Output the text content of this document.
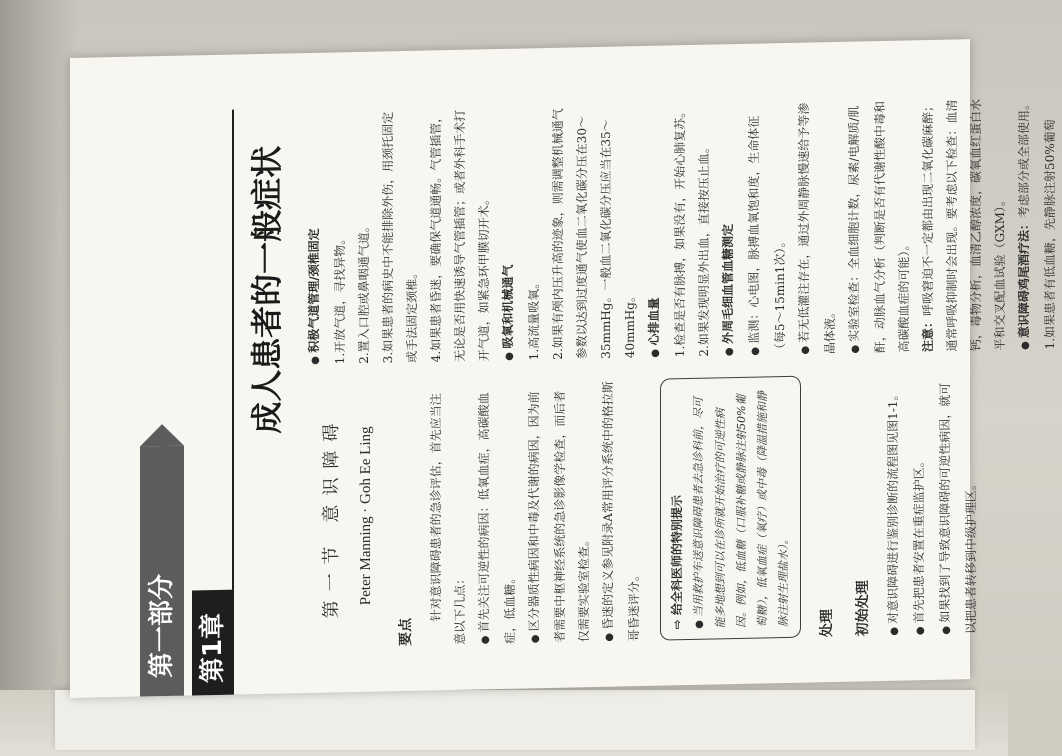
第一部分 第1章
成人患者的一般症状
第一节 意识障碍 Peter Manning · Goh Ee Ling
要点

针对意识障碍患者的急诊评估，首先应当注意以下几点： ● 首先关注可逆性的病因：低氧血症，高碳酸血症，低血糖。 ● 区分器质性病因和中毒及代谢的病因，因为前者需要中枢神经系统的急诊影像学检查，而后者仅需要实验室检查。 ● 昏迷的定义参见附录A常用评分系统中的格拉斯哥昏迷评分。	⇨ 给全科医师的特别提示 ● 当用救护车送意识障碍患者去急诊科前，尽可能多地想到可以在诊所就开始治疗的可逆性病因。例如，低血糖（口服补糖或静脉注射50%葡萄糖），低氧血症（氧疗）或中毒（降温措施和静脉注射生理盐水）。 处理 初始处理	● 对意识障碍进行鉴别诊断的流程图见图1-1。	● 首先把患者安置在重症监护区。	● 如果找到了导致意识障碍的可逆性病因，就可以把患者转移到中级护理区。
● 积极气道管理/颈椎固定	1.开放气道，寻找异物。 2.置入口腔或鼻咽通气道。 3.如果患者的病史中不能排除外伤，用颈托固定或手法固定颈椎。 4.如果患者昏迷，要确保气道通畅。气管插管，无论是否用快速诱导气管插管；或者外科手术打开气道，如紧急环甲膜切开术。 ● 吸氧和机械通气	1.高流量吸氧。 2.如果有颅内压升高的迹象，则需调整机械通气参数以达到过度通气使血二氧化碳分压在30～35mmHg。一般血二氧化碳分压应当在35～40mmHg。 ● 心排血量	1.检查是否有脉搏，如果没有，开始心肺复苏。 2.如果发现明显外出血，直接按压止血。 ● 外周毛细血管血糖测定	● 监测：心电图，脉搏血氧饱和度，生命体征（每5～15min1次）。 ● 若无低灌注存在，通过外周静脉慢速给予等渗晶体液。 ● 实验室检查：全血细胞计数，尿素/电解质/肌酐，动脉血气分析（判断是否有代谢性酸中毒和高碳酸血症的可能）。 注意：呼吸窘迫不一定都由出现二氧化碳麻醉；通常呼吸抑制时会出现。要考虑以下检查：血清钙，毒物分析，血清乙醇浓度，碳氧血红蛋白水平和交叉配血试验（GXM）。 ● 意识障碍鸡尾酒疗法：考虑部分或全部使用。	1.如果患者有低血糖，先静脉注射50%葡萄
